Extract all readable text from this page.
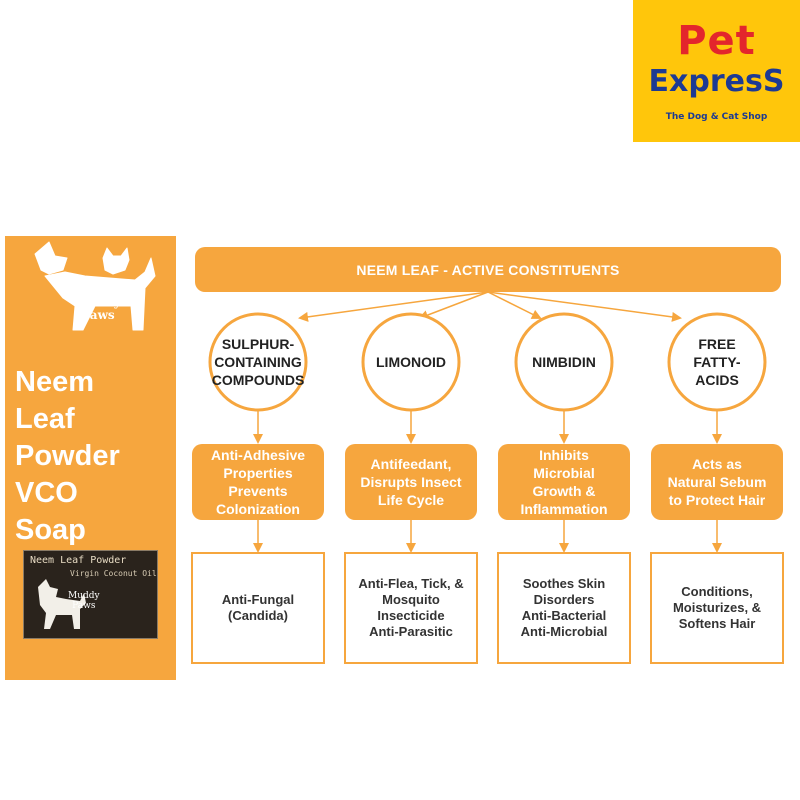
Pet
ExpresS
The Dog & Cat Shop
Muddy
Paws
Neem
Leaf
Powder
VCO
Soap
Neem Leaf Powder
Virgin Coconut Oil
Muddy
Paws
NEEM LEAF - ACTIVE CONSTITUENTS
SULPHUR-
CONTAINING
COMPOUNDS
LIMONOID	NIMBIDIN
FREE
FATTY-
ACIDS
Anti-Adhesive
Properties
Prevents
Colonization
Antifeedant,
Disrupts Insect
Life Cycle
Inhibits
Microbial
Growth &
Inflammation
Acts as
Natural Sebum
to Protect Hair
Anti-Fungal
(Candida)
Anti-Flea, Tick, &
Mosquito
Insecticide
Anti-Parasitic
Soothes Skin
Disorders
Anti-Bacterial
Anti-Microbial
Conditions,
Moisturizes, &
Softens Hair
